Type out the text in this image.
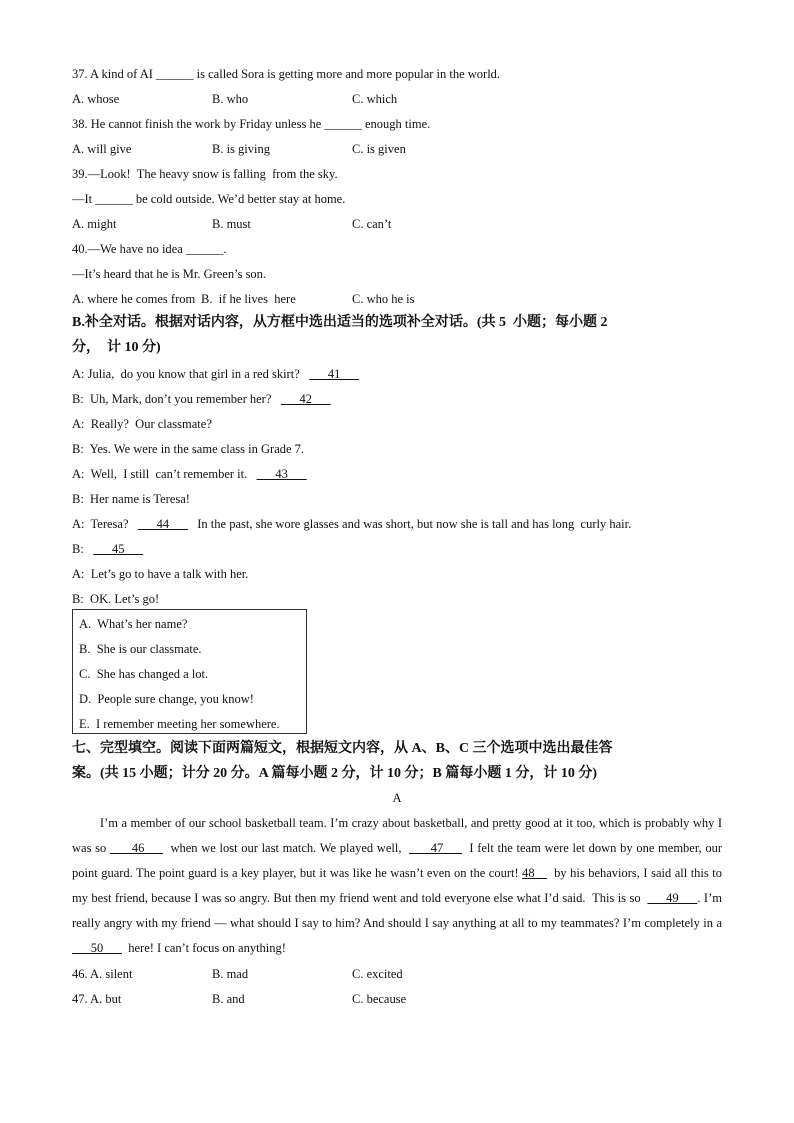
37. A kind of AI ______ is called Sora is getting more and more popular in the world.
A. whose	B. who	C. which
38. He cannot finish the work by Friday unless he ______ enough time.
A. will give	B. is giving	C. is given
39.—Look!  The heavy snow is falling  from the sky.
—It ______ be cold outside. We’d better stay at home.
A. might	B. must	C. can’t
40.—We have no idea ______.
—It’s heard that he is Mr. Green’s son.
A. where he comes from B.  if he lives  here	C. who he is
B.补全对话。根据对话内容，从方框中选出适当的选项补全对话。(共 5  小题；每小题 2
分，  计 10 分)
A: Julia,  do you know that girl in a red skirt?         41
B:  Uh, Mark, don’t you remember her?         42
A:  Really?  Our classmate?
B:  Yes. We were in the same class in Grade 7.
A:  Well,  I still  can’t remember it.         43
B:  Her name is Teresa!
A:  Teresa?         44         In the past, she wore glasses and was short, but now she is tall and has long  curly hair.
B:         45
A:  Let’s go to have a talk with her.
B:  OK. Let’s go!
A.  What’s her name?
B.  She is our classmate.
C.  She has changed a lot.
D.  People sure change, you know!
E.  I remember meeting her somewhere.
七、完型填空。阅读下面两篇短文，根据短文内容，从 A、B、C 三个选项中选出最佳答
案。(共 15 小题；计分 20 分。A 篇每小题 2 分，计 10 分；B 篇每小题 1 分，计 10 分)
A
I’m a member of our school basketball team. I’m crazy about basketball, and pretty good at it too, which is probably why I was so        46        when we lost our last match. We played well,         47        I felt the team were let down by one member, our point guard. The point guard is a key player, but it was like he wasn’t even on the court! 48      by his behaviors, I said all this to my best friend, because I was so angry. But then my friend went and told everyone else what I’d said.  This is so        49      . I’m really angry with my friend — what should I say to him? And should I say anything at all to my teammates? I’m completely in a        50        here! I can’t focus on anything!
46. A. silent	B. mad	C. excited
47. A. but	B. and	C. because
